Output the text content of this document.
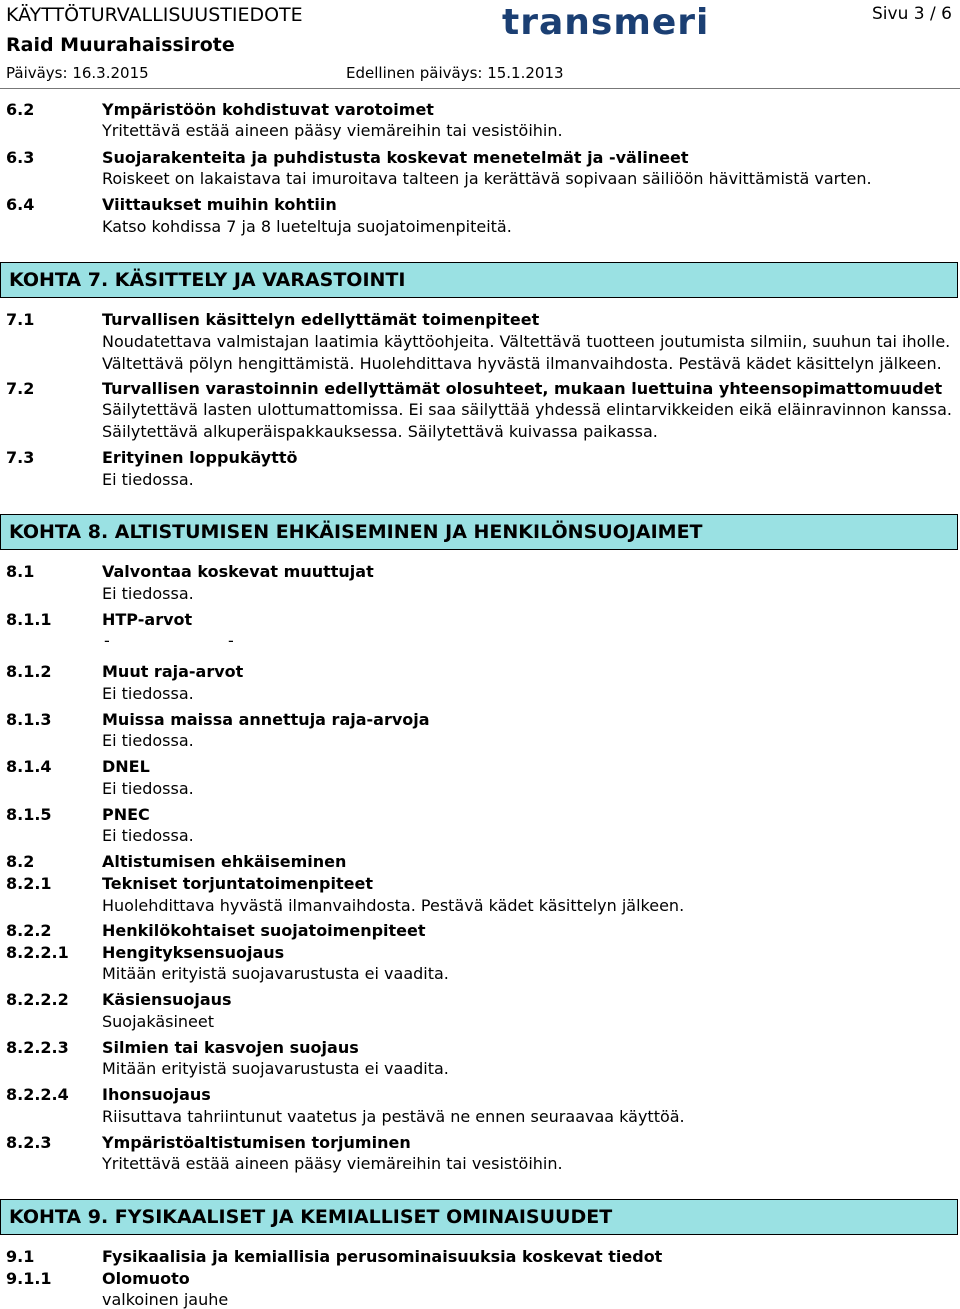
KÄYTTÖTURVALLISUUSTIEDOTE
Raid Muurahaissirote
Päiväys: 16.3.2015	Edellinen päiväys: 15.1.2013
Sivu 3 / 6
transmeri
6.2	Ympäristöön kohdistuvat varotoimet
Yritettävä estää aineen pääsy viemäreihin tai vesistöihin.
6.3	Suojarakenteita ja puhdistusta koskevat menetelmät ja -välineet
Roiskeet on lakaistava tai imuroitava talteen ja kerättävä sopivaan säiliöön hävittämistä varten.
6.4	Viittaukset muihin kohtiin
Katso kohdissa 7 ja 8 lueteltuja suojatoimenpiteitä.
KOHTA 7. KÄSITTELY JA VARASTOINTI
7.1	Turvallisen käsittelyn edellyttämät toimenpiteet
Noudatettava valmistajan laatimia käyttöohjeita. Vältettävä tuotteen joutumista silmiin, suuhun tai iholle.
Vältettävä pölyn hengittämistä. Huolehdittava hyvästä ilmanvaihdosta. Pestävä kädet käsittelyn jälkeen.
7.2	Turvallisen varastoinnin edellyttämät olosuhteet, mukaan luettuina yhteensopimattomuudet
Säilytettävä lasten ulottumattomissa. Ei saa säilyttää yhdessä elintarvikkeiden eikä eläinravinnon kanssa.
Säilytettävä alkuperäispakkauksessa. Säilytettävä kuivassa paikassa.
7.3	Erityinen loppukäyttö
Ei tiedossa.
KOHTA 8. ALTISTUMISEN EHKÄISEMINEN JA HENKILÖNSUOJAIMET
8.1	Valvontaa koskevat muuttujat
Ei tiedossa.
8.1.1	HTP-arvot
-	-
8.1.2	Muut raja-arvot
Ei tiedossa.
8.1.3	Muissa maissa annettuja raja-arvoja
Ei tiedossa.
8.1.4	DNEL
Ei tiedossa.
8.1.5	PNEC
Ei tiedossa.
8.2	Altistumisen ehkäiseminen
8.2.1	Tekniset torjuntatoimenpiteet
Huolehdittava hyvästä ilmanvaihdosta. Pestävä kädet käsittelyn jälkeen.
8.2.2	Henkilökohtaiset suojatoimenpiteet
8.2.2.1 Hengityksensuojaus
Mitään erityistä suojavarustusta ei vaadita.
8.2.2.2 Käsiensuojaus
Suojakäsineet
8.2.2.3 Silmien tai kasvojen suojaus
Mitään erityistä suojavarustusta ei vaadita.
8.2.2.4 Ihonsuojaus
Riisuttava tahriintunut vaatetus ja pestävä ne ennen seuraavaa käyttöä.
8.2.3	Ympäristöaltistumisen torjuminen
Yritettävä estää aineen pääsy viemäreihin tai vesistöihin.
KOHTA 9. FYSIKAALISET JA KEMIALLISET OMINAISUUDET
9.1	Fysikaalisia ja kemiallisia perusominaisuuksia koskevat tiedot
9.1.1	Olomuoto
valkoinen jauhe
